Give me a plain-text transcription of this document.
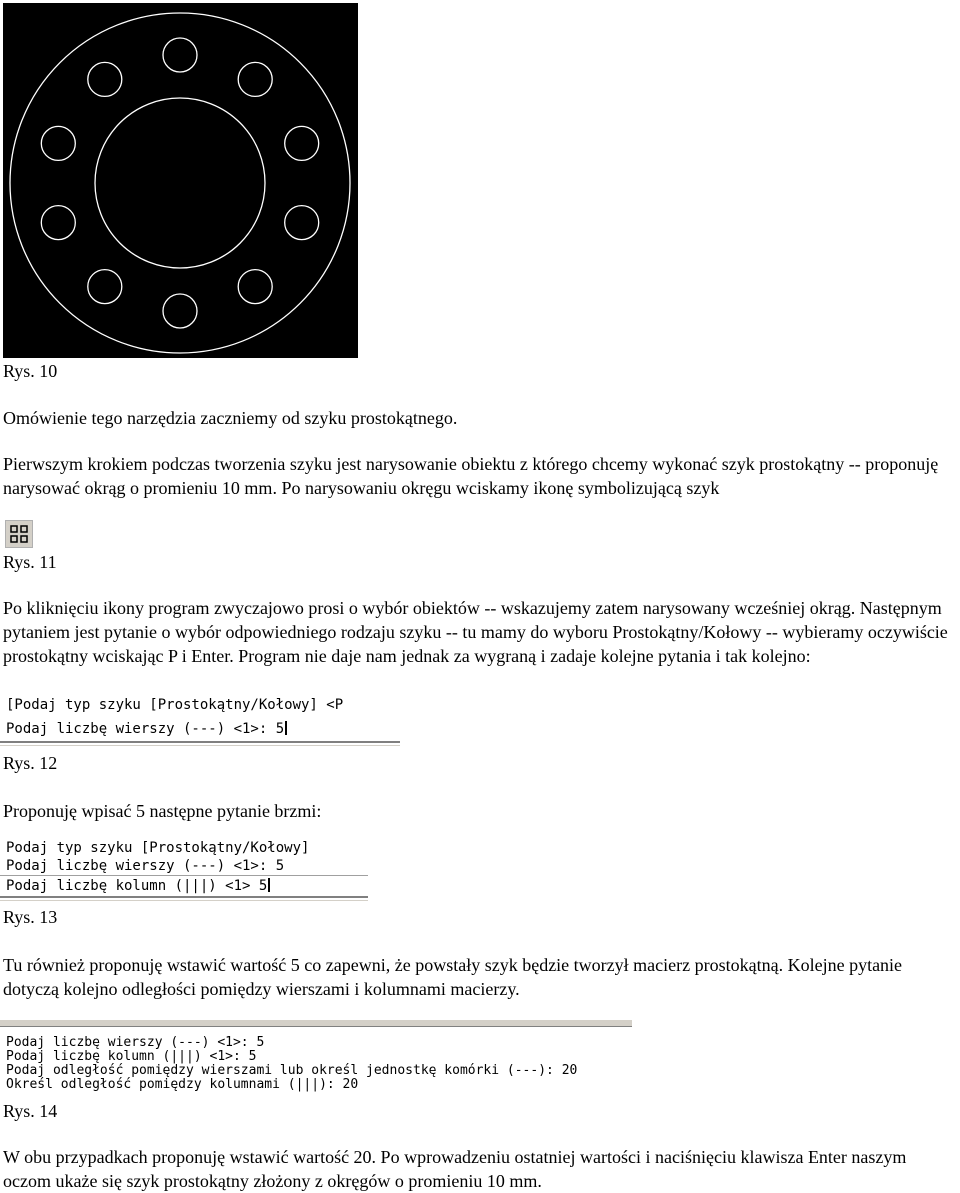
Rys. 10

Omówienie tego narzędzia zaczniemy od szyku prostokątnego.

Pierwszym krokiem podczas tworzenia szyku jest narysowanie obiektu z którego chcemy wykonać szyk prostokątny -- proponuję narysować okrąg o promieniu 10 mm. Po narysowaniu okręgu wciskamy ikonę symbolizującą szyk

Rys. 11

Po kliknięciu ikony program zwyczajowo prosi o wybór obiektów -- wskazujemy zatem narysowany wcześniej okrąg. Następnym pytaniem jest pytanie o wybór odpowiedniego rodzaju szyku -- tu mamy do wyboru Prostokątny/Kołowy -- wybieramy oczywiście prostokątny wciskając P i Enter. Program nie daje nam jednak za wygraną i zadaje kolejne pytania i tak kolejno:

[Podaj typ szyku [Prostokątny/Kołowy] <P
Podaj liczbę wierszy (---) <1>: 5
Rys. 12

Proponuję wpisać 5 następne pytanie brzmi:

Podaj typ szyku [Prostokątny/Kołowy]
Podaj liczbę wierszy (---) <1>: 5
Podaj liczbę kolumn (|||) <1> 5
Rys. 13

Tu również proponuję wstawić wartość 5 co zapewni, że powstały szyk będzie tworzył macierz prostokątną. Kolejne pytanie dotyczą kolejno odległości pomiędzy wierszami i kolumnami macierzy.

Podaj liczbę wierszy (---) <1>: 5
Podaj liczbę kolumn (|||) <1>: 5
Podaj odległość pomiędzy wierszami lub określ jednostkę komórki (---): 20
Określ odległość pomiędzy kolumnami (|||): 20
Rys. 14

W obu przypadkach proponuję wstawić wartość 20. Po wprowadzeniu ostatniej wartości i naciśnięciu klawisza Enter naszym oczom ukaże się szyk prostokątny złożony z okręgów o promieniu 10 mm.
